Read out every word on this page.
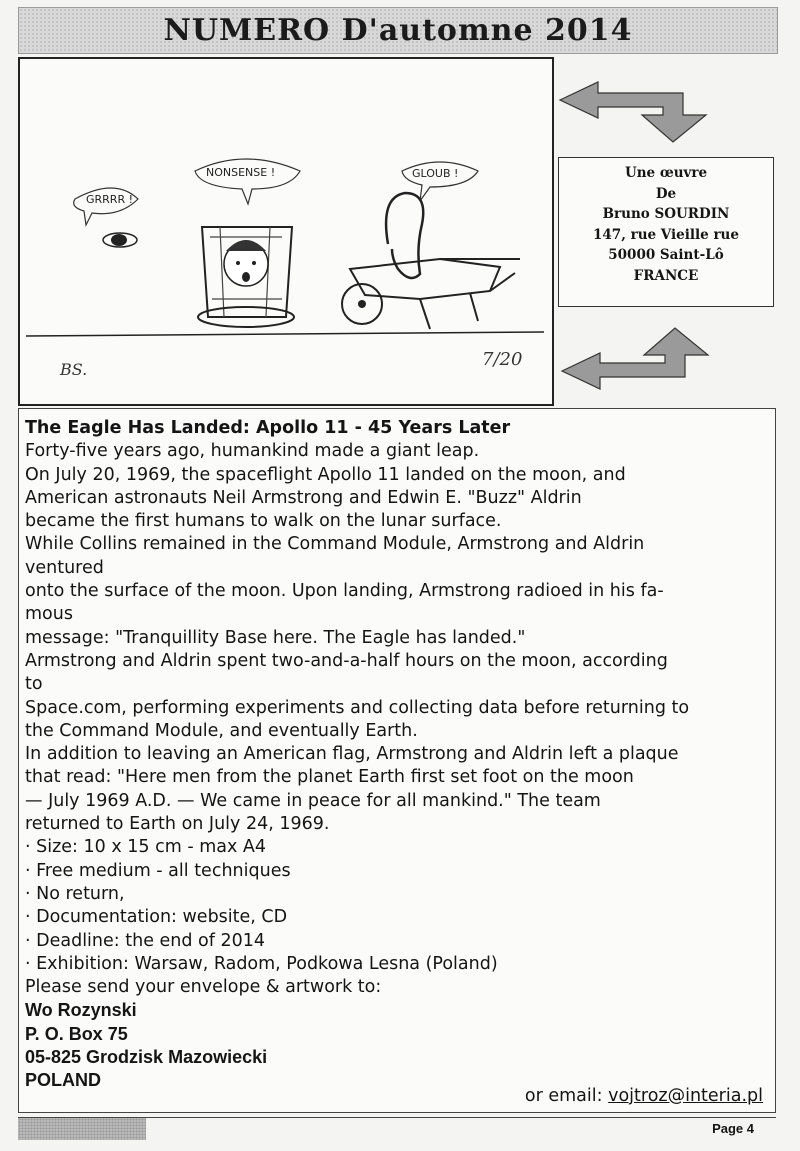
NUMERO D'automne 2014
GRRRR !
NONSENSE !	GLOUB !
BS.	7/20
Une œuvre
De
Bruno SOURDIN
147, rue Vieille rue
50000 Saint-Lô
FRANCE
The Eagle Has Landed: Apollo 11 - 45 Years Later
Forty-five years ago, humankind made a giant leap.
On July 20, 1969, the spaceflight Apollo 11 landed on the moon, and
American astronauts Neil Armstrong and Edwin E. "Buzz" Aldrin
became the first humans to walk on the lunar surface.
While Collins remained in the Command Module, Armstrong and Aldrin
ventured
onto the surface of the moon. Upon landing, Armstrong radioed in his fa-
mous
message: "Tranquillity Base here. The Eagle has landed."
Armstrong and Aldrin spent two-and-a-half hours on the moon, according
to
Space.com, performing experiments and collecting data before returning to
the Command Module, and eventually Earth.
In addition to leaving an American flag, Armstrong and Aldrin left a plaque
that read: "Here men from the planet Earth first set foot on the moon
— July 1969 A.D. — We came in peace for all mankind." The team
returned to Earth on July 24, 1969.
· Size: 10 x 15 cm - max A4
· Free medium - all techniques
· No return,
· Documentation: website, CD
· Deadline: the end of 2014
· Exhibition: Warsaw, Radom, Podkowa Lesna (Poland)
Please send your envelope & artwork to:
Wo Rozynski
P. O. Box 75
05-825 Grodzisk Mazowiecki
POLAND
or email: vojtroz@interia.pl
Page 4
